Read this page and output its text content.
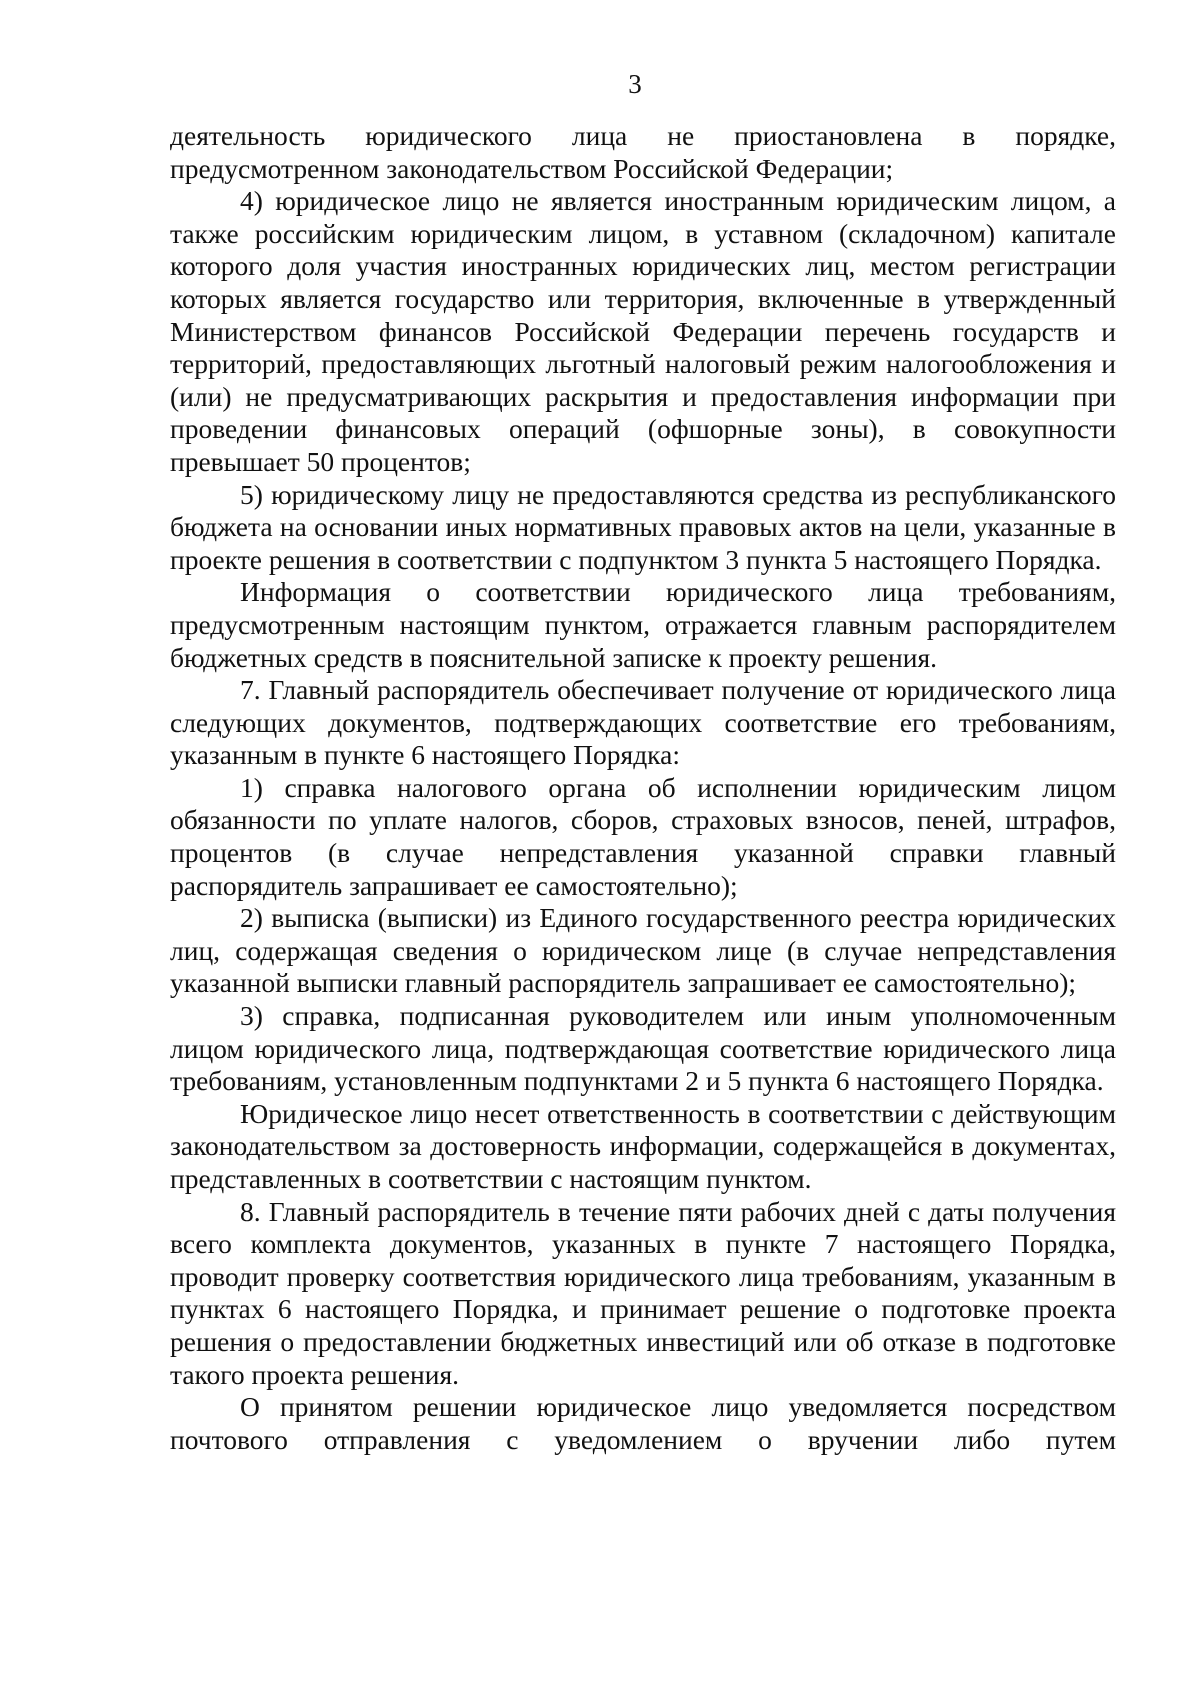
3

деятельность юридического лица не приостановлена в порядке, предусмотренном законодательством Российской Федерации;

4) юридическое лицо не является иностранным юридическим лицом, а также российским юридическим лицом, в уставном (складочном) капитале которого доля участия иностранных юридических лиц, местом регистрации которых является государство или территория, включенные в утвержденный Министерством финансов Российской Федерации перечень государств и территорий, предоставляющих льготный налоговый режим налогообложения и (или) не предусматривающих раскрытия и предоставления информации при проведении финансовых операций (офшорные зоны), в совокупности превышает 50 процентов;

5) юридическому лицу не предоставляются средства из республиканского бюджета на основании иных нормативных правовых актов на цели, указанные в проекте решения в соответствии с подпунктом 3 пункта 5 настоящего Порядка.

Информация о соответствии юридического лица требованиям, предусмотренным настоящим пунктом, отражается главным распорядителем бюджетных средств в пояснительной записке к проекту решения.

7. Главный распорядитель обеспечивает получение от юридического лица следующих документов, подтверждающих соответствие его требованиям, указанным в пункте 6 настоящего Порядка:

1) справка налогового органа об исполнении юридическим лицом обязанности по уплате налогов, сборов, страховых взносов, пеней, штрафов, процентов (в случае непредставления указанной справки главный распорядитель запрашивает ее самостоятельно);

2) выписка (выписки) из Единого государственного реестра юридических лиц, содержащая сведения о юридическом лице (в случае непредставления указанной выписки главный распорядитель запрашивает ее самостоятельно);

3) справка, подписанная руководителем или иным уполномоченным лицом юридического лица, подтверждающая соответствие юридического лица требованиям, установленным подпунктами 2 и 5 пункта 6 настоящего Порядка.

Юридическое лицо несет ответственность в соответствии с действующим законодательством за достоверность информации, содержащейся в документах, представленных в соответствии с настоящим пунктом.

8. Главный распорядитель в течение пяти рабочих дней с даты получения всего комплекта документов, указанных в пункте 7 настоящего Порядка, проводит проверку соответствия юридического лица требованиям, указанным в пунктах 6 настоящего Порядка, и принимает решение о подготовке проекта решения о предоставлении бюджетных инвестиций или об отказе в подготовке такого проекта решения.

О принятом решении юридическое лицо уведомляется посредством почтового отправления с уведомлением о вручении либо путем
